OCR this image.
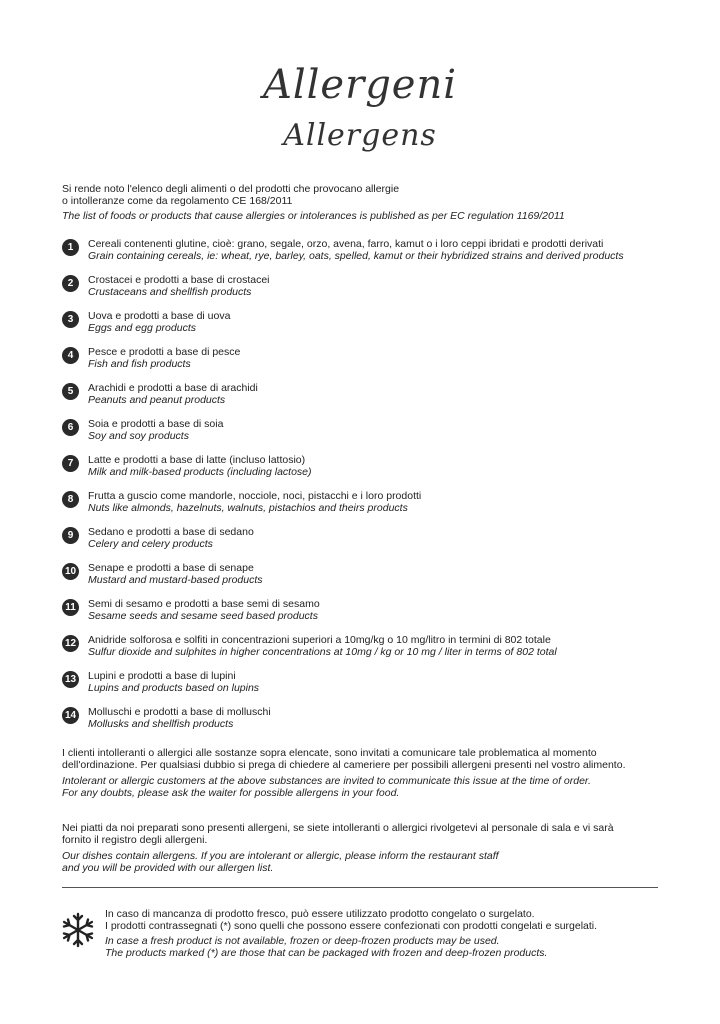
Allergeni
Allergens
Si rende noto l'elenco degli alimenti o del prodotti che provocano allergie
o intolleranze come da regolamento CE 168/2011
The list of foods or products that cause allergies or intolerances is published as per EC regulation 1169/2011
1	Cereali contenenti glutine, cioè: grano, segale, orzo, avena, farro, kamut o i loro ceppi ibridati e prodotti derivati
Grain containing cereals, ie: wheat, rye, barley, oats, spelled, kamut or their hybridized strains and derived products
2	Crostacei e prodotti a base di crostacei
Crustaceans and shellfish products
3	Uova e prodotti a base di uova
Eggs and egg products
4	Pesce e prodotti a base di pesce
Fish and fish products
5	Arachidi e prodotti a base di arachidi
Peanuts and peanut products
6	Soia e prodotti a base di soia
Soy and soy products
7	Latte e prodotti a base di latte (incluso lattosio)
Milk and milk-based products (including lactose)
8	Frutta a guscio come mandorle, nocciole, noci, pistacchi e i loro prodotti
Nuts like almonds, hazelnuts, walnuts, pistachios and theirs products
9	Sedano e prodotti a base di sedano
Celery and celery products
10 Senape e prodotti a base di senape
Mustard and mustard-based products
11	Semi di sesamo e prodotti a base semi di sesamo
Sesame seeds and sesame seed based products
12 Anidride solforosa e solfiti in concentrazioni superiori a 10mg/kg o 10 mg/litro in termini di 802 totale
Sulfur dioxide and sulphites in higher concentrations at 10mg / kg or 10 mg / liter in terms of 802 total
13 Lupini e prodotti a base di lupini
Lupins and products based on lupins
14 Molluschi e prodotti a base di molluschi
Mollusks and shellfish products
I clienti intolleranti o allergici alle sostanze sopra elencate, sono invitati a comunicare tale problematica al momento
dell'ordinazione. Per qualsiasi dubbio si prega di chiedere al cameriere per possibili allergeni presenti nel vostro alimento.
Intolerant or allergic customers at the above substances are invited to communicate this issue at the time of order.
For any doubts, please ask the waiter for possible allergens in your food.
Nei piatti da noi preparati sono presenti allergeni, se siete intolleranti o allergici rivolgetevi al personale di sala e vi sarà
fornito il registro degli allergeni.
Our dishes contain allergens. If you are intolerant or allergic, please inform the restaurant staff
and you will be provided with our allergen list.
In caso di mancanza di prodotto fresco, può essere utilizzato prodotto congelato o surgelato.
I prodotti contrassegnati (*) sono quelli che possono essere confezionati con prodotti congelati e surgelati.
In case a fresh product is not available, frozen or deep-frozen products may be used.
The products marked (*) are those that can be packaged with frozen and deep-frozen products.
